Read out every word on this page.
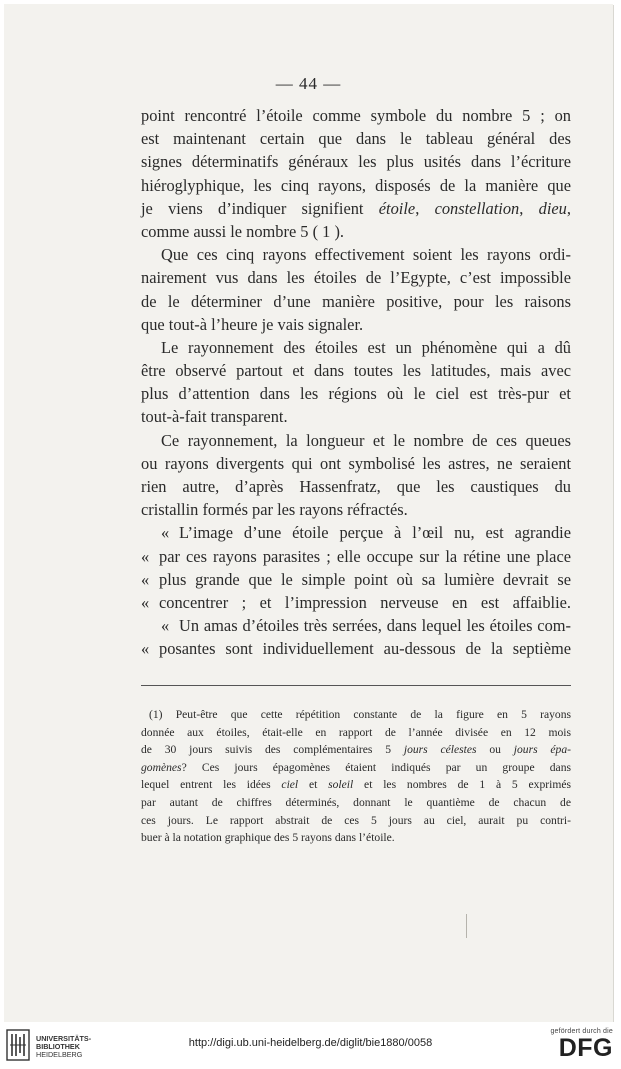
— 44 —
point rencontré l’étoile comme symbole du nombre 5 ; on
est maintenant certain que dans le tableau général des
signes déterminatifs généraux les plus usités dans l’écriture
hiéroglyphique, les cinq rayons, disposés de la manière que
je viens d’indiquer signifient étoile, constellation, dieu,
comme aussi le nombre 5 ( 1 ).
Que ces cinq rayons effectivement soient les rayons ordi-
nairement vus dans les étoiles de l’Egypte, c’est impossible
de le déterminer d’une manière positive, pour les raisons
que tout-à l’heure je vais signaler.
Le rayonnement des étoiles est un phénomène qui a dû
être observé partout et dans toutes les latitudes, mais avec
plus d’attention dans les régions où le ciel est très-pur et
tout-à-fait transparent.
Ce rayonnement, la longueur et le nombre de ces queues
ou rayons divergents qui ont symbolisé les astres, ne seraient
rien autre, d’après Hassenfratz, que les caustiques du
cristallin formés par les rayons réfractés.
« L’image d’une étoile perçue à l’œil nu, est agrandie
« par ces rayons parasites ; elle occupe sur la rétine une place
« plus grande que le simple point où sa lumière devrait se
« concentrer ; et l’impression nerveuse en est affaiblie.
« Un amas d’étoiles très serrées, dans lequel les étoiles com-
« posantes sont individuellement au-dessous de la septième
(1) Peut-être que cette répétition constante de la figure en 5 rayons
donnée aux étoiles, était-elle en rapport de l’année divisée en 12 mois
de 30 jours suivis des complémentaires 5 jours célestes ou jours épa-
gomènes? Ces jours épagomènes étaient indiqués par un groupe dans
lequel entrent les idées ciel et soleil et les nombres de 1 à 5 exprimés
par autant de chiffres déterminés, donnant le quantième de chacun de
ces jours. Le rapport abstrait de ces 5 jours au ciel, aurait pu contri-
buer à la notation graphique des 5 rayons dans l’étoile.
UNIVERSITÄTS-
BIBLIOTHEK
HEIDELBERG
http://digi.ub.uni-heidelberg.de/diglit/bie1880/0058
gefördert durch die
DFG
